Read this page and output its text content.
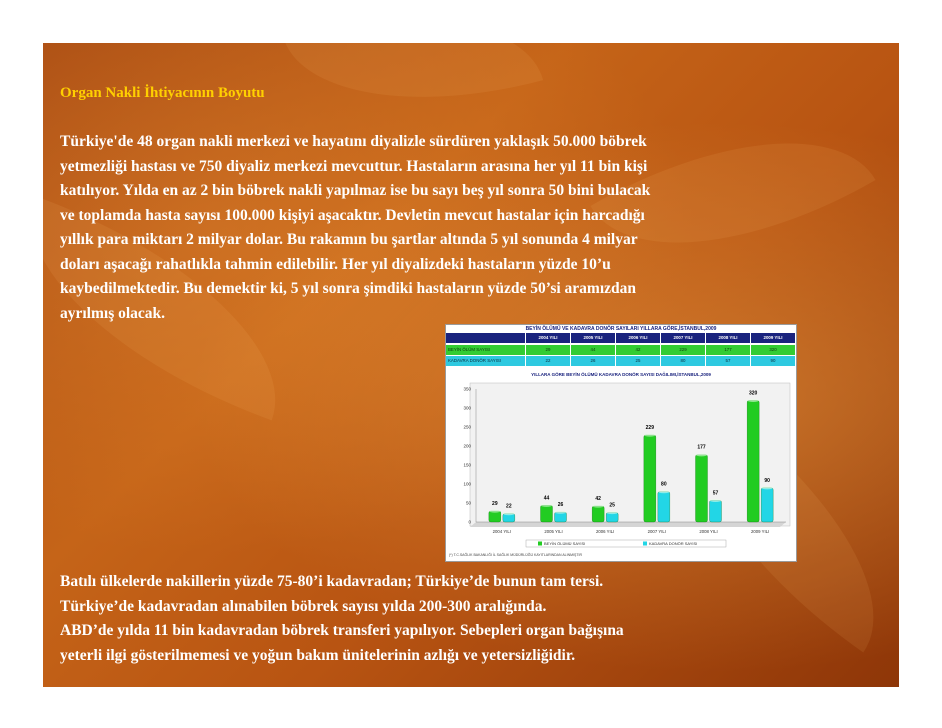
Organ Nakli İhtiyacının Boyutu
Türkiye'de 48 organ nakli merkezi ve hayatını diyalizle sürdüren yaklaşık 50.000 böbrek
yetmezliği hastası ve 750 diyaliz merkezi mevcuttur. Hastaların arasına her yıl 11 bin kişi
katılıyor. Yılda en az 2 bin böbrek nakli yapılmaz ise bu sayı beş yıl sonra 50 bini bulacak
ve toplamda hasta sayısı 100.000 kişiyi aşacaktır. Devletin mevcut hastalar için harcadığı
yıllık para miktarı 2 milyar dolar. Bu rakamın bu şartlar altında 5 yıl sonunda 4 milyar
doları aşacağı rahatlıkla tahmin edilebilir. Her yıl diyalizdeki hastaların yüzde 10’u
kaybedilmektedir. Bu demektir ki, 5 yıl sonra şimdiki hastaların yüzde 50’si aramızdan
ayrılmış olacak.
BEYİN ÖLÜMÜ VE KADAVRA DONÖR SAYILARI YILLARA GÖRE,İSTANBUL,2009
2004 YILI	2005 YILI	2006 YILI	2007 YILI	2008 YILI	2009 YILI
BEYİN ÖLÜM SAYISI	29	44	42	229	177	320
KADAVRA DONÖR SAYISI	22	26	25	80	57	90
YILLARA GÖRE BEYİN ÖLÜMÜ KADAVRA DONÖR SAYISI DAĞILIMI,İSTANBUL,2009
0
50
100
150
200
250
300
350
29 22
2004 YILI
44
26
2005 YILI
42
25
2006 YILI
229
80
2007 YILI
177
57
2008 YILI
320
90
2009 YILI
BEYİN ÖLÜMÜ SAYISI	KADAVRA DONÖR SAYISI
(*) T.C.SAĞLIK BAKANLIĞI İL SAĞLIK MÜDÜRLÜĞÜ KAYITLARINDAN ALINMIŞTIR
Batılı ülkelerde nakillerin yüzde 75-80’i kadavradan; Türkiye’de bunun tam tersi.
Türkiye’de kadavradan alınabilen böbrek sayısı yılda 200-300 aralığında.
ABD’de yılda 11 bin kadavradan böbrek transferi yapılıyor. Sebepleri organ bağışına
yeterli ilgi gösterilmemesi ve yoğun bakım ünitelerinin azlığı ve yetersizliğidir.
